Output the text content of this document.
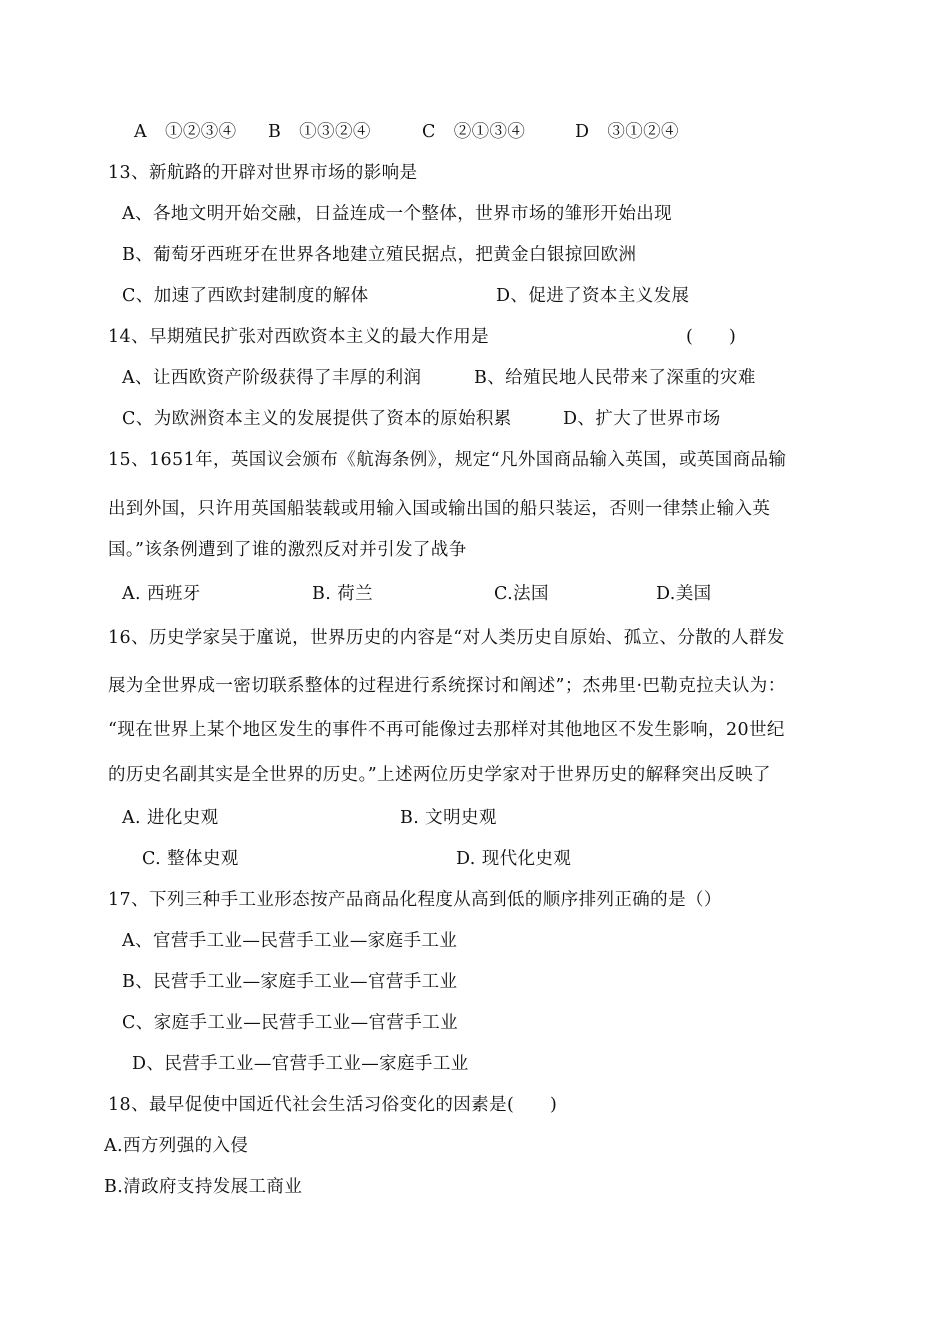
A　①②③④ B　①③②④	C　②①③④	D　③①②④
13、新航路的开辟对世界市场的影响是
A、各地文明开始交融，日益连成一个整体，世界市场的雏形开始出现
B、葡萄牙西班牙在世界各地建立殖民据点，把黄金白银掠回欧洲
C、加速了西欧封建制度的解体	D、促进了资本主义发展
14、早期殖民扩张对西欧资本主义的最大作用是	(　　)
A、让西欧资产阶级获得了丰厚的利润	B、给殖民地人民带来了深重的灾难
C、为欧洲资本主义的发展提供了资本的原始积累	D、扩大了世界市场
15、1651年，英国议会颁布《航海条例》，规定“凡外国商品输入英国，或英国商品输
出到外国，只许用英国船装载或用输入国或输出国的船只装运，否则一律禁止输入英
国。”该条例遭到了谁的激烈反对并引发了战争
A. 西班牙	B. 荷兰	C.法国	D.美国
16、历史学家吴于廑说，世界历史的内容是“对人类历史自原始、孤立、分散的人群发
展为全世界成一密切联系整体的过程进行系统探讨和阐述”；杰弗里·巴勒克拉夫认为：
“现在世界上某个地区发生的事件不再可能像过去那样对其他地区不发生影响，20世纪
的历史名副其实是全世界的历史。”上述两位历史学家对于世界历史的解释突出反映了
A. 进化史观	B. 文明史观
C. 整体史观	D. 现代化史观
17、下列三种手工业形态按产品商品化程度从高到低的顺序排列正确的是（）
A、官营手工业—民营手工业—家庭手工业
B、民营手工业—家庭手工业—官营手工业
C、家庭手工业—民营手工业—官营手工业
D、民营手工业—官营手工业—家庭手工业
18、最早促使中国近代社会生活习俗变化的因素是(　　)
A.西方列强的入侵
B.清政府支持发展工商业
